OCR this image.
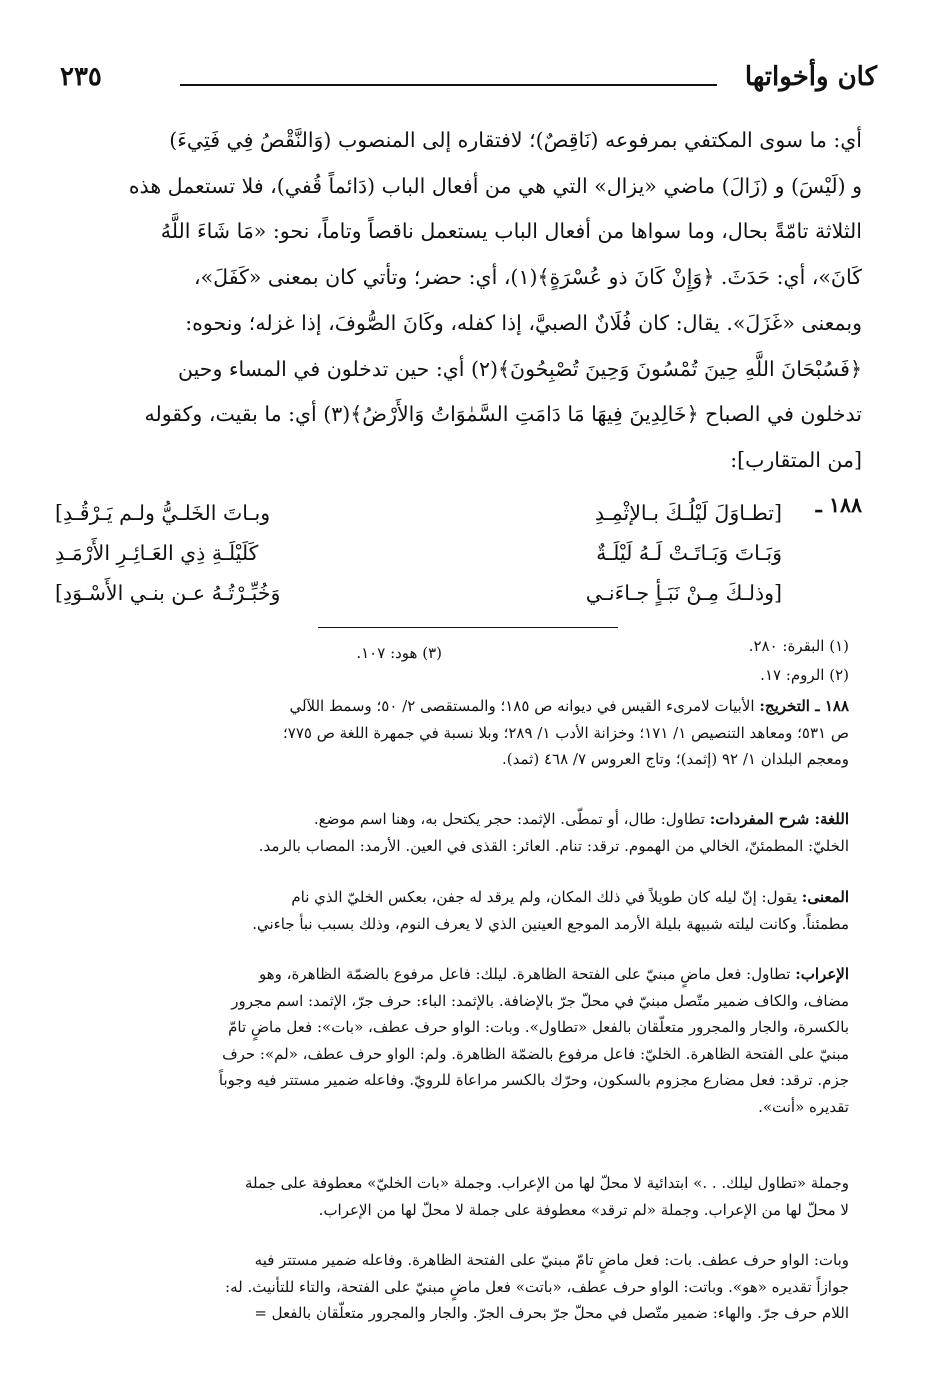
كان وأخواتها
٢٣٥

أي: ما سوى المكتفي بمرفوعه (نَاقِصٌ)؛ لافتقاره إلى المنصوب (وَالنَّقْصُ فِي فَتِيءَ)

و (لَيْسَ) و (زَالَ) ماضي «يزال» التي هي من أفعال الباب (دَائماً قُفي)، فلا تستعمل هذه

الثلاثة تامّةً بحال، وما سواها من أفعال الباب يستعمل ناقصاً وتاماً، نحو: «مَا شَاءَ اللَّهُ

كَانَ»، أي: حَدَثَ. ﴿وَإِنْ كَانَ ذو عُسْرَةٍ﴾(١)، أي: حضر؛ وتأتي كان بمعنى «كَفَلَ»،

وبمعنى «غَزَلَ». يقال: كان فُلَانٌ الصبيَّ، إذا كفله، وكَانَ الصُّوفَ، إذا غزله؛ ونحوه:

﴿فَسُبْحَانَ اللَّهِ حِينَ تُمْسُونَ وَحِينَ تُصْبِحُونَ﴾(٢) أي: حين تدخلون في المساء وحين

تدخلون في الصباح ﴿خَالِدِينَ فِيهَا مَا دَامَتِ السَّمٰوَاتُ وَالأَرْضُ﴾(٣) أي: ما بقيت، وكقوله

[من المتقارب]:

١٨٨ ـ
[تطـاوَلَ لَيْلُـكَ بـالإثْمِـدِ
وبـاتَ الخَلـيُّ ولـم يَـرْقُـدِ]
وَبَـاتَ وَبَـاتَـتْ لَـهُ لَيْلَـةٌ
كَلَيْلَـةِ ذِي العَـائِـرِ الأَرْمَـدِ
[وذلـكَ مِـنْ نَبَـأٍ جـاءَنـي
وَخُبِّـرْتُـهُ عـن بنـي الأَسْـوَدِ]
(١) البقرة: ٢٨٠.
(٣) هود: ١٠٧.
(٢) الروم: ١٧.

١٨٨ ـ التخريج: الأبيات لامرىء القيس في ديوانه ص ١٨٥؛ والمستقصى ٢/ ٥٠؛ وسمط اللآلي

ص ٥٣١؛ ومعاهد التنصيص ١/ ١٧١؛ وخزانة الأدب ١/ ٢٨٩؛ وبلا نسبة في جمهرة اللغة ص ٧٧٥؛

ومعجم البلدان ١/ ٩٢ (إثمد)؛ وتاج العروس ٧/ ٤٦٨ (ثمد).

اللغة: شرح المفردات: تطاول: طال، أو تمطّى. الإثمد: حجر يكتحل به، وهنا اسم موضع.

الخليّ: المطمئنّ، الخالي من الهموم. ترقد: تنام. العائر: القذى في العين. الأرمد: المصاب بالرمد.

المعنى: يقول: إنّ ليله كان طويلاً في ذلك المكان، ولم يرقد له جفن، بعكس الخليّ الذي نام

مطمئناً. وكانت ليلته شبيهة بليلة الأرمد الموجع العينين الذي لا يعرف النوم، وذلك بسبب نبأ جاءني.

الإعراب: تطاول: فعل ماضٍ مبنيّ على الفتحة الظاهرة. ليلك: فاعل مرفوع بالضمّة الظاهرة، وهو

مضاف، والكاف ضمير متّصل مبنيّ في محلّ جرّ بالإضافة. بالإثمد: الباء: حرف جرّ، الإثمد: اسم مجرور

بالكسرة، والجار والمجرور متعلّقان بالفعل «تطاول». وبات: الواو حرف عطف، «بات»: فعل ماضٍ تامّ

مبنيّ على الفتحة الظاهرة. الخليّ: فاعل مرفوع بالضمّة الظاهرة. ولم: الواو حرف عطف، «لم»: حرف

جزم. ترقد: فعل مضارع مجزوم بالسكون، وحرّك بالكسر مراعاة للرويّ. وفاعله ضمير مستتر فيه وجوباً

تقديره «أنت».

وجملة «تطاول ليلك. . .» ابتدائية لا محلّ لها من الإعراب. وجملة «بات الخليّ» معطوفة على جملة

لا محلّ لها من الإعراب. وجملة «لم ترقد» معطوفة على جملة لا محلّ لها من الإعراب.

وبات: الواو حرف عطف. بات: فعل ماضٍ تامّ مبنيّ على الفتحة الظاهرة. وفاعله ضمير مستتر فيه

جوازاً تقديره «هو». وباتت: الواو حرف عطف، «باتت» فعل ماضٍ مبنيّ على الفتحة، والتاء للتأنيث. له:

اللام حرف جرّ. والهاء: ضمير متّصل في محلّ جرّ بحرف الجرّ. والجار والمجرور متعلّقان بالفعل =
